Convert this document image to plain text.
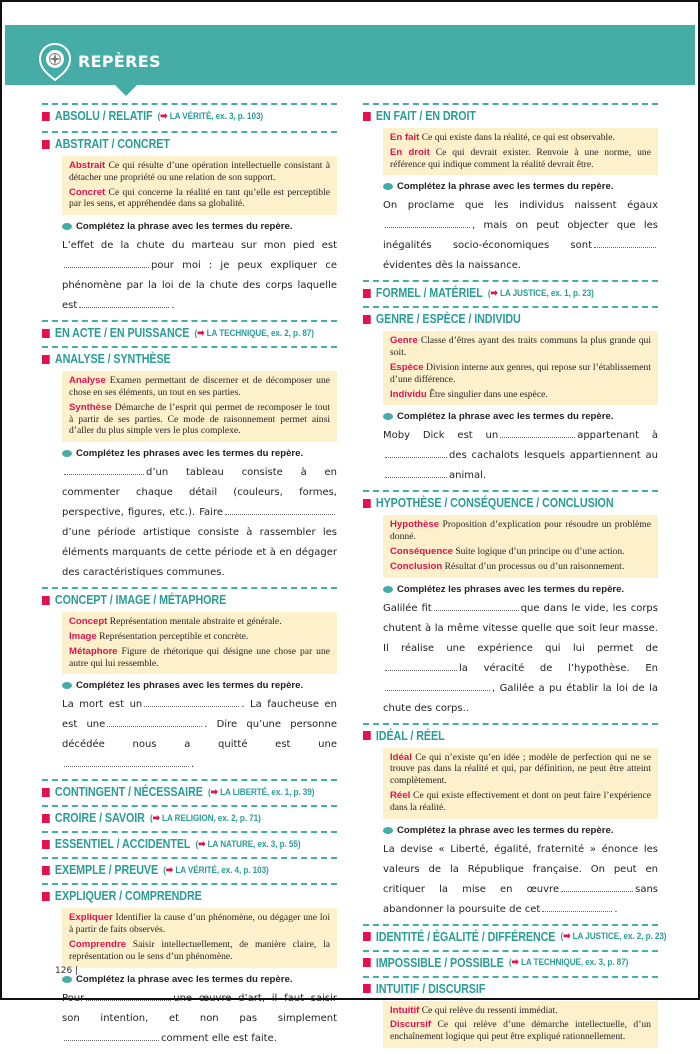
REPÈRES
ABSOLU / RELATIF (➡ LA VÉRITÉ, ex. 3, p. 103)
ABSTRAIT / CONCRET

Abstrait Ce qui résulte d’une opération intellectuelle consistant à détacher une propriété ou une relation de son support.

Concret Ce qui concerne la réalité en tant qu’elle est perceptible par les sens, et appréhendée dans sa globalité.

Complétez la phrase avec les termes du repère.
L’effet de la chute du marteau sur mon pied estpour moi : je peux expliquer ce phénomène par la loi de la chute des corps laquelle est	.
EN ACTE / EN PUISSANCE (➡ LA TECHNIQUE, ex. 2, p. 87)
ANALYSE / SYNTHÈSE

Analyse Examen permettant de discerner et de décomposer une chose en ses éléments, un tout en ses parties.

Synthèse Démarche de l’esprit qui permet de recomposer le tout à partir de ses parties. Ce mode de raisonnement permet ainsi d’aller du plus simple vers le plus complexe.

Complétez les phrases avec les termes du repère.
d’un tableau consiste à en commenter chaque détail (couleurs, formes, perspective, figures, etc.). Faired’une période artistique consiste à rassembler les éléments marquants de cette période et à en dégager des caractéristiques communes.
CONCEPT / IMAGE / MÉTAPHORE

Concept Représentation mentale abstraite et générale.

Image Représentation perceptible et concrète.

Métaphore Figure de rhétorique qui désigne une chose par une autre qui lui ressemble.

Complétez les phrases avec les termes du repère.
La mort est un	. La faucheuse en est une	. Dire qu’une personne décédée nous a quitté est une.
CONTINGENT / NÉCESSAIRE (➡ LA LIBERTÉ, ex. 1, p. 39)
CROIRE / SAVOIR (➡ LA RELIGION, ex. 2, p. 71)
ESSENTIEL / ACCIDENTEL (➡ LA NATURE, ex. 3, p. 55)
EXEMPLE / PREUVE (➡ LA VÉRITÉ, ex. 4, p. 103)
EXPLIQUER / COMPRENDRE

Expliquer Identifier la cause d’un phénomène, ou dégager une loi à partir de faits observés.

Comprendre Saisir intellectuellement, de manière claire, la représentation ou le sens d’un phénomène.

Complétez la phrase avec les termes du repère.
Pour	une œuvre d’art, il faut saisir son intention, et non pas simplementcomment elle est faite.
EN FAIT / EN DROIT

En fait Ce qui existe dans la réalité, ce qui est observable.

En droit Ce qui devrait exister. Renvoie à une norme, une référence qui indique comment la réalité devrait être.

Complétez la phrase avec les termes du repère.
On proclame que les individus naissent égaux, mais on peut objecter que les inégalités socio-économiques sontévidentes dès la naissance.
FORMEL / MATÉRIEL (➡ LA JUSTICE, ex. 1, p. 23)
GENRE / ESPÈCE / INDIVIDU

Genre Classe d’êtres ayant des traits communs la plus grande qui soit.

Espèce Division interne aux genres, qui repose sur l’établissement d’une différence.

Individu Être singulier dans une espèce.

Complétez la phrase avec les termes du repère.
Moby Dick est un	appartenant àdes cachalots lesquels appartiennent auanimal.
HYPOTHÈSE / CONSÉQUENCE / CONCLUSION

Hypothèse Proposition d’explication pour résoudre un problème donné.

Conséquence Suite logique d’un principe ou d’une action.

Conclusion Résultat d’un processus ou d’un raisonnement.

Complétez les phrases avec les termes du repère.
Galilée fit	que dans le vide, les corps chutent à la même vitesse quelle que soit leur masse. Il réalise une expérience qui lui permet dela véracité de l’hypothèse. En, Galilée a pu établir la loi de la chute des corps..
IDÉAL / RÉEL

Idéal Ce qui n’existe qu’en idée ; modèle de perfection qui ne se trouve pas dans la réalité et qui, par définition, ne peut être atteint complètement.

Réel Ce qui existe effectivement et dont on peut faire l’expérience dans la réalité.

Complétez la phrase avec les termes du repère.
La devise « Liberté, égalité, fraternité » énonce les valeurs de la République française. On peut en critiquer la mise en œuvre	sans abandonner la poursuite de cet	.
IDENTITÉ / ÉGALITÉ / DIFFÉRENCE (➡ LA JUSTICE, ex. 2, p. 23)
IMPOSSIBLE / POSSIBLE (➡ LA TECHNIQUE, ex. 3, p. 87)
INTUITIF / DISCURSIF

Intuitif Ce qui relève du ressenti immédiat.

Discursif Ce qui relève d’une démarche intellectuelle, d’un enchaînement logique qui peut être expliqué rationnellement.

126 |
